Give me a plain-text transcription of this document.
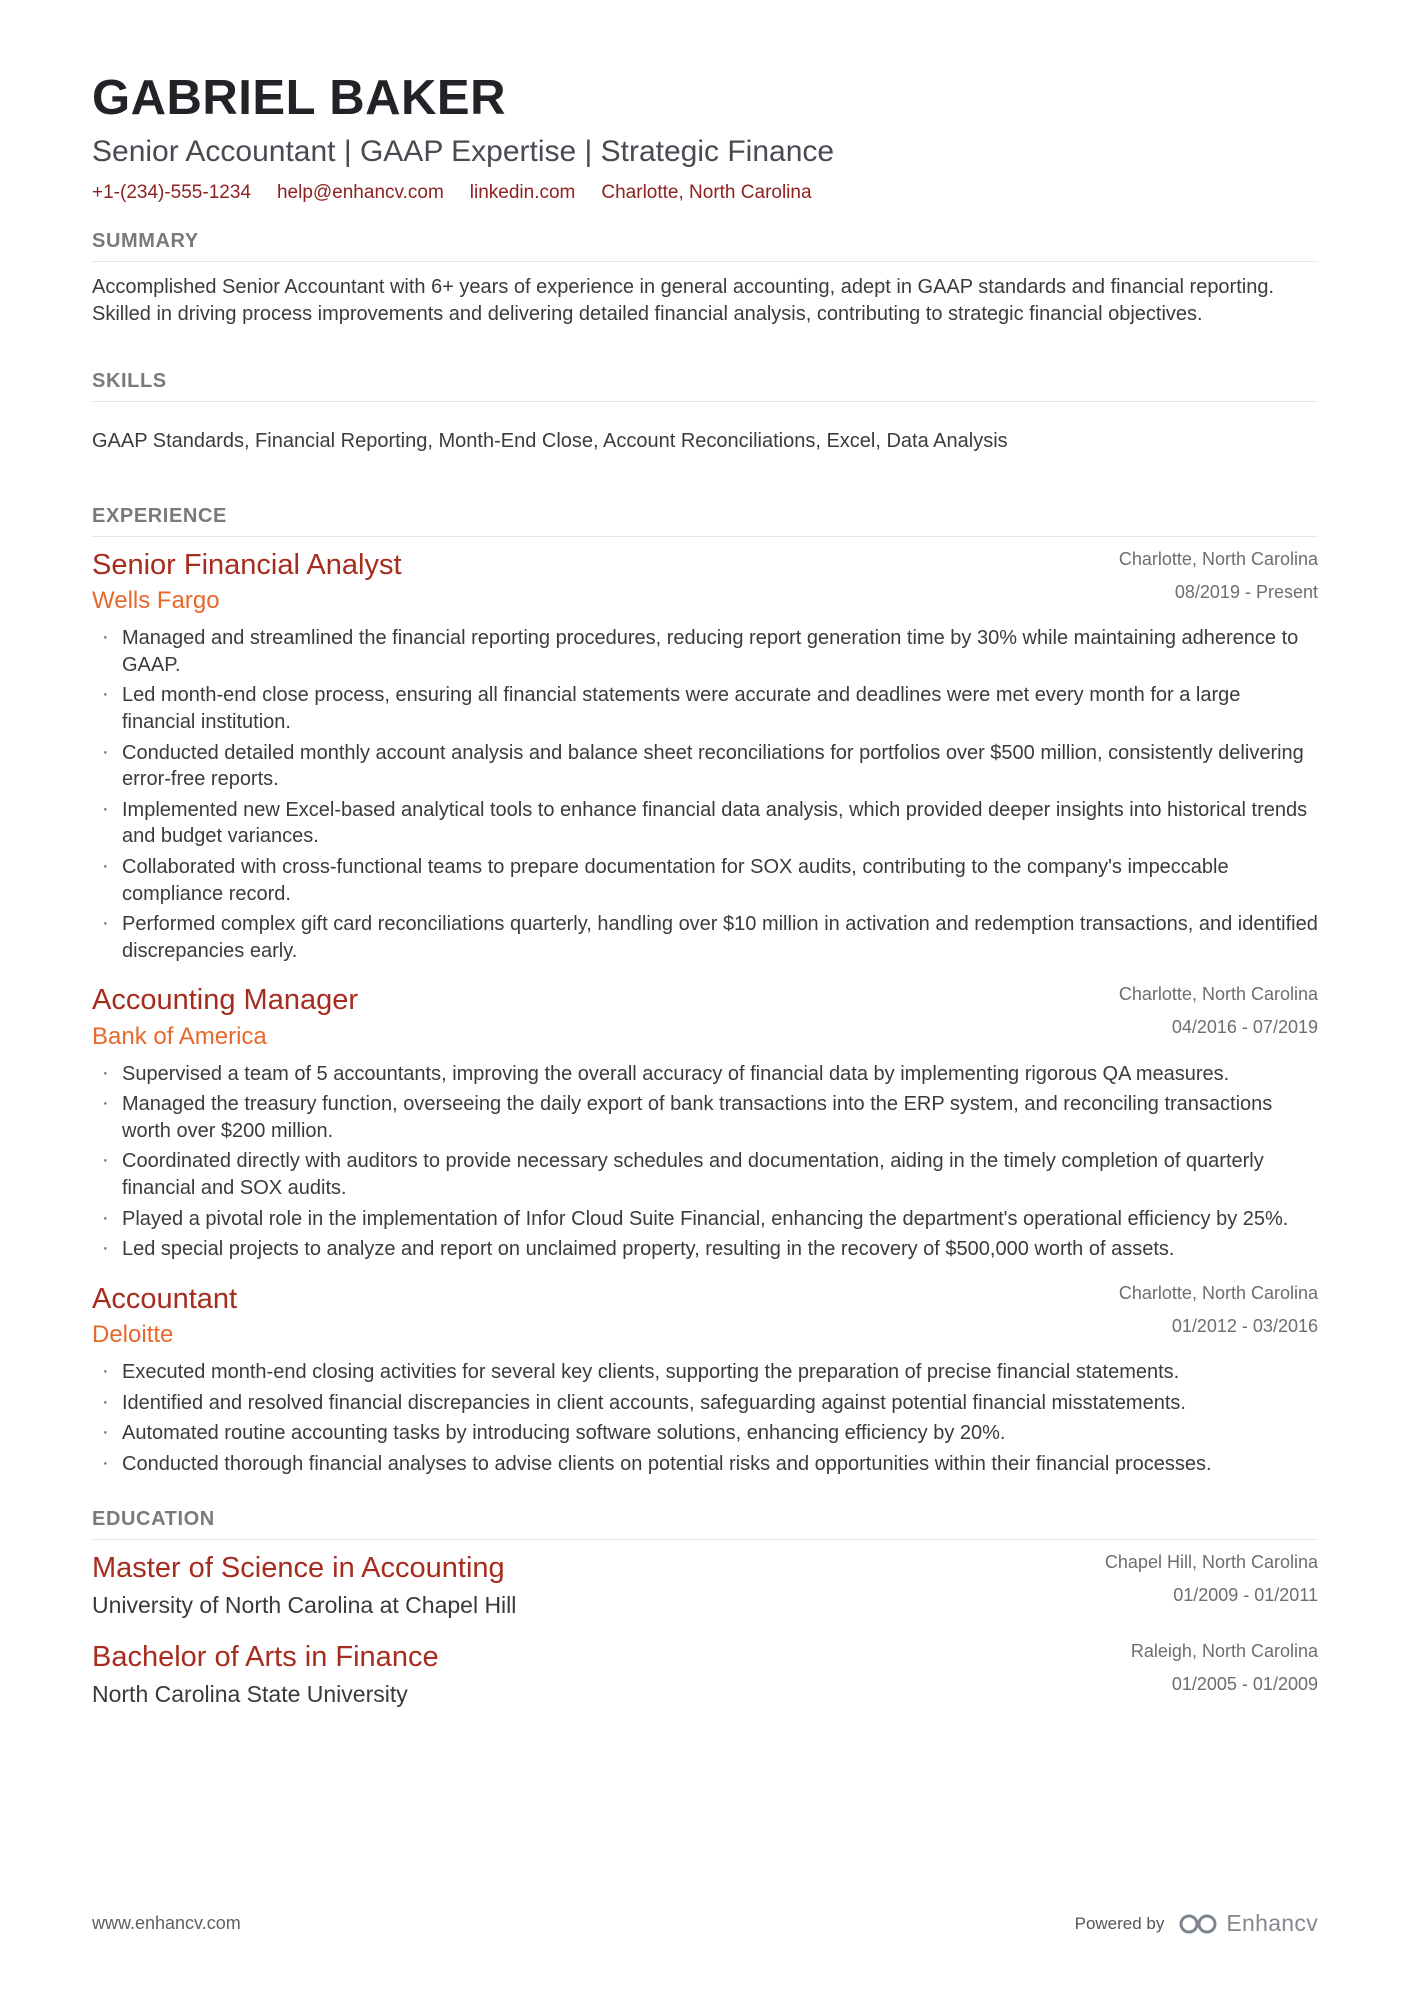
GABRIEL BAKER
Senior Accountant | GAAP Expertise | Strategic Finance
+1-(234)-555-1234 help@enhancv.com linkedin.com Charlotte, North Carolina
SUMMARY

Accomplished Senior Accountant with 6+ years of experience in general accounting, adept in GAAP standards and financial reporting. Skilled in driving process improvements and delivering detailed financial analysis, contributing to strategic financial objectives.

SKILLS

GAAP Standards, Financial Reporting, Month-End Close, Account Reconciliations, Excel, Data Analysis

EXPERIENCE
Senior Financial Analyst
Wells Fargo
Charlotte, North Carolina
08/2019 - Present
· Managed and streamlined the financial reporting procedures, reducing report generation time by 30% while maintaining adherence to GAAP.
· Led month-end close process, ensuring all financial statements were accurate and deadlines were met every month for a large financial institution.
· Conducted detailed monthly account analysis and balance sheet reconciliations for portfolios over $500 million, consistently delivering error-free reports.
· Implemented new Excel-based analytical tools to enhance financial data analysis, which provided deeper insights into historical trends and budget variances.
· Collaborated with cross-functional teams to prepare documentation for SOX audits, contributing to the company's impeccable compliance record.
· Performed complex gift card reconciliations quarterly, handling over $10 million in activation and redemption transactions, and identified discrepancies early.
Accounting Manager
Bank of America
Charlotte, North Carolina
04/2016 - 07/2019
· Supervised a team of 5 accountants, improving the overall accuracy of financial data by implementing rigorous QA measures.
· Managed the treasury function, overseeing the daily export of bank transactions into the ERP system, and reconciling transactions worth over $200 million.
· Coordinated directly with auditors to provide necessary schedules and documentation, aiding in the timely completion of quarterly financial and SOX audits.
· Played a pivotal role in the implementation of Infor Cloud Suite Financial, enhancing the department's operational efficiency by 25%.
· Led special projects to analyze and report on unclaimed property, resulting in the recovery of $500,000 worth of assets.
Accountant
Deloitte
Charlotte, North Carolina
01/2012 - 03/2016
· Executed month-end closing activities for several key clients, supporting the preparation of precise financial statements.
· Identified and resolved financial discrepancies in client accounts, safeguarding against potential financial misstatements.
· Automated routine accounting tasks by introducing software solutions, enhancing efficiency by 20%.
· Conducted thorough financial analyses to advise clients on potential risks and opportunities within their financial processes.
EDUCATION
Master of Science in Accounting
University of North Carolina at Chapel Hill
Chapel Hill, North Carolina
01/2009 - 01/2011
Bachelor of Arts in Finance
North Carolina State University
Raleigh, North Carolina
01/2005 - 01/2009
www.enhancv.com	Powered by	Enhancv
